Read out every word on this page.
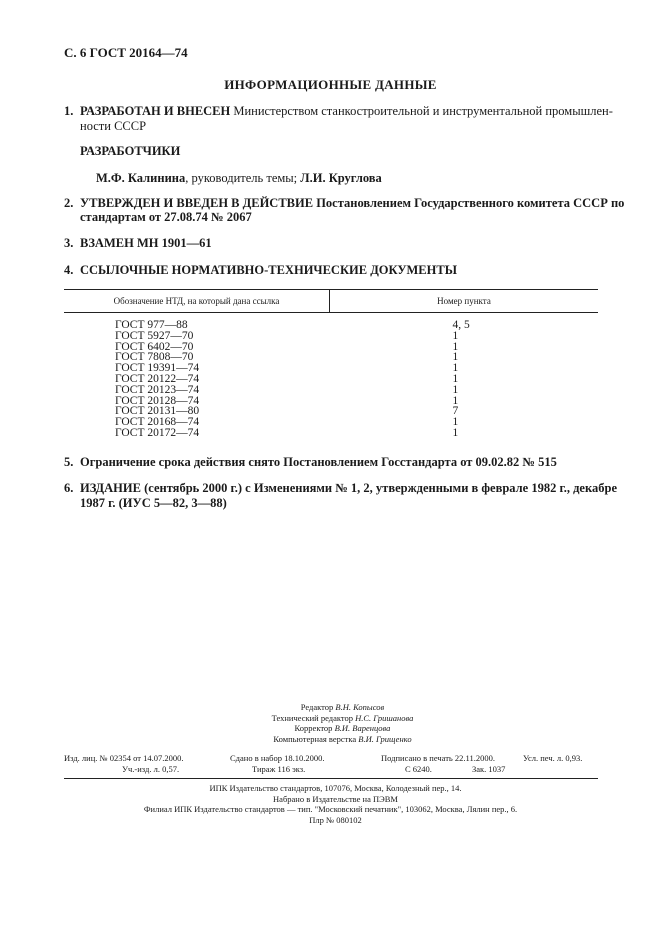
С. 6 ГОСТ 20164—74
ИНФОРМАЦИОННЫЕ ДАННЫЕ
1. РАЗРАБОТАН И ВНЕСЕН Министерством станкостроительной и инструментальной промышлен-
ности СССР
РАЗРАБОТЧИКИ
М.Ф. Калинина, руководитель темы; Л.И. Круглова
2. УТВЕРЖДЕН И ВВЕДЕН В ДЕЙСТВИЕ Постановлением Государственного комитета СССР по
стандартам от 27.08.74 № 2067
3. ВЗАМЕН МН 1901—61
4. ССЫЛОЧНЫЕ НОРМАТИВНО-ТЕХНИЧЕСКИЕ ДОКУМЕНТЫ
Обозначение НТД, на который дана ссылка	Номер пункта
ГОСТ 977—88	4, 5
ГОСТ 5927—70	1
ГОСТ 6402—70	1
ГОСТ 7808—70	1
ГОСТ 19391—74	1
ГОСТ 20122—74	1
ГОСТ 20123—74	1
ГОСТ 20128—74	1
ГОСТ 20131—80	7
ГОСТ 20168—74	1
ГОСТ 20172—74	1
5. Ограничение срока действия снято Постановлением Госстандарта от 09.02.82 № 515
6. ИЗДАНИЕ (сентябрь 2000 г.) с Изменениями № 1, 2, утвержденными в феврале 1982 г., декабре
1987 г. (ИУС 5—82, 3—88)
Редактор В.Н. Копысов
Технический редактор Н.С. Гришанова
Корректор В.И. Варенцова
Компьютерная верстка В.И. Грищенко
Изд. лиц. № 02354 от 14.07.2000.	Сдано в набор 18.10.2000.	Подписано в печать 22.11.2000.	Усл. печ. л. 0,93.
Уч.-изд. л. 0,57.	Тираж 116 экз.	С 6240.	Зак. 1037
ИПК Издательство стандартов, 107076, Москва, Колодезный пер., 14.
Набрано в Издательстве на ПЭВМ
Филиал ИПК Издательство стандартов — тип. "Московский печатник", 103062, Москва, Лялин пер., 6.
Плр № 080102
